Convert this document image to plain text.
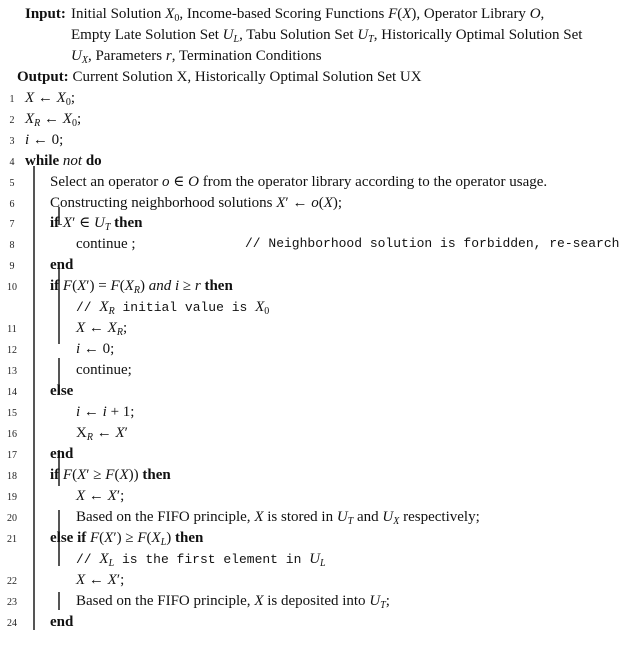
Input: Initial Solution $X_0$, Income-based Scoring Functions F(X), Operator Library O,
Empty Late Solution Set $U_L$, Tabu Solution Set $U_T$, Historically Optimal Solution Set
$U_X$, Parameters r, Termination Conditions
Output: Current Solution X, Historically Optimal Solution Set UX
1 X ← $X_0$;
2 $X_R$ ← $X_0$;
3 i ← 0;
4 while not do
5	Select an operator o ∈ O from the operator library according to the operator usage.
6	Constructing neighborhood solutions X′ ← o(X);
7	if X′ ∈ $U_T$ then
8	continue ;	// Neighborhood solution is forbidden, re-search
9	end
10	if $F(X') = F(X_R)$ and i ≥ r then
// $X_R$ initial value is $X_0$
11	X ← $X_R$;
12	i ← 0;
13	continue;
14	else
15	i ← i + 1;
16	$X_R$ ← X′
17	end
18	if F(X′ ≥ F(X)) then
19	X ← X′;
20	Based on the FIFO principle, X is stored in $U_T$ and $U_X$ respectively;
21	else if $F(X') \ge F(X_L)$ then
// $X_L$ is the first element in $U_L$
22	X ← X′;
23	Based on the FIFO principle, X is deposited into $U_T$;
24	end
